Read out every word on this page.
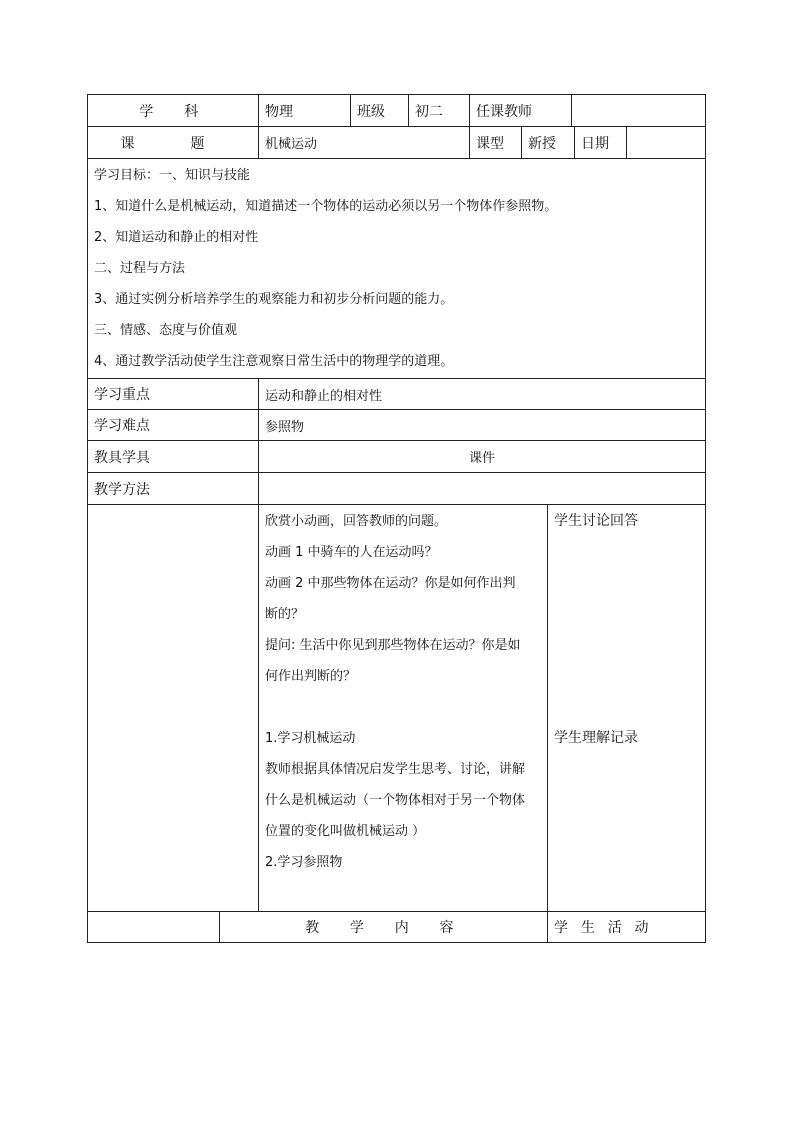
学　科	物理	班级	初二	任课教师
课　题	机械运动	课型	新授	日期
学习目标：一、知识与技能
1、知道什么是机械运动，知道描述一个物体的运动必须以另一个物体作参照物。
2、知道运动和静止的相对性
二、过程与方法
3、通过实例分析培养学生的观察能力和初步分析问题的能力。
三、情感、态度与价值观
4、通过教学活动使学生注意观察日常生活中的物理学的道理。
学习重点	运动和静止的相对性
学习难点	参照物
教具学具	课件
教学方法
欣赏小动画，回答教师的问题。
动画 1 中骑车的人在运动吗？
动画 2 中那些物体在运动？你是如何作出判
断的？
提问: 生活中你见到那些物体在运动？你是如
何作出判断的？
1.学习机械运动
教师根据具体情况启发学生思考、讨论，讲解
什么是机械运动（一个物体相对于另一个物体
位置的变化叫做机械运动 ）
2.学习参照物
学生讨论回答
学生理解记录
教　学　内　容	学 生 活 动
